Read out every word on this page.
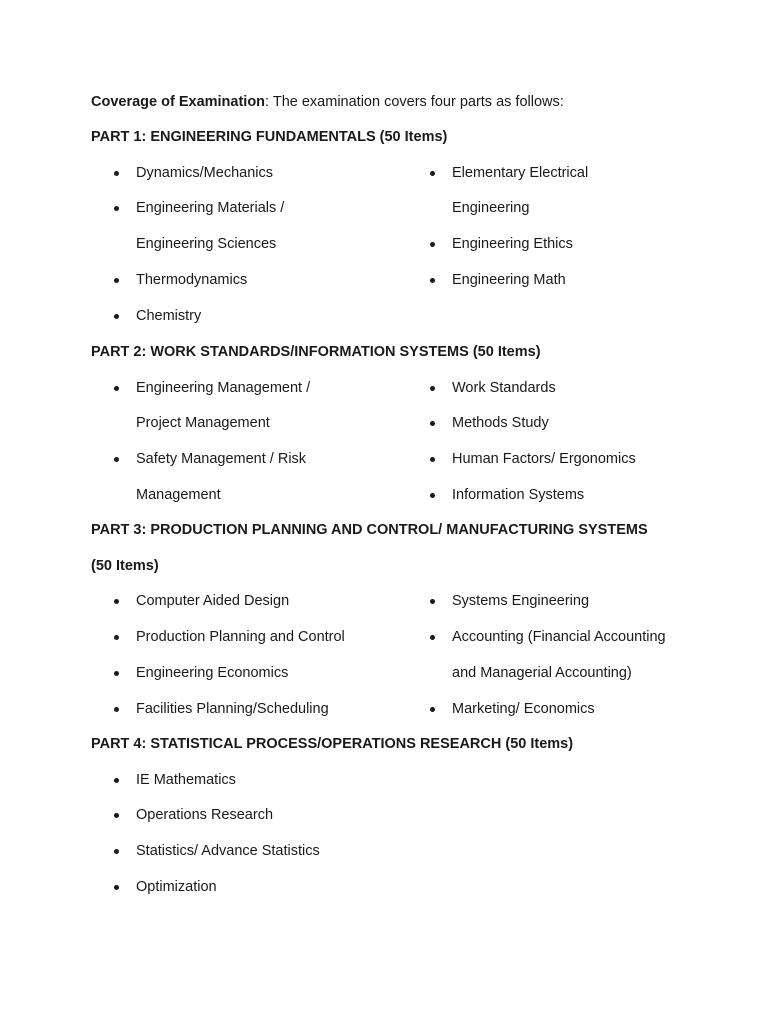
Coverage of Examination: The examination covers four parts as follows:
PART 1: ENGINEERING FUNDAMENTALS (50 Items)
Dynamics/Mechanics
Engineering Materials /
Engineering Sciences
Thermodynamics
Chemistry
Elementary Electrical
Engineering
Engineering Ethics
Engineering Math
PART 2: WORK STANDARDS/INFORMATION SYSTEMS (50 Items)
Engineering Management /
Project Management
Safety Management / Risk
Management
Work Standards
Methods Study
Human Factors/ Ergonomics
Information Systems
PART 3: PRODUCTION PLANNING AND CONTROL/ MANUFACTURING SYSTEMS
(50 Items)
Computer Aided Design
Production Planning and Control
Engineering Economics
Facilities Planning/Scheduling
Systems Engineering
Accounting (Financial Accounting
and Managerial Accounting)
Marketing/ Economics
PART 4: STATISTICAL PROCESS/OPERATIONS RESEARCH (50 Items)
IE Mathematics
Operations Research
Statistics/ Advance Statistics
Optimization
